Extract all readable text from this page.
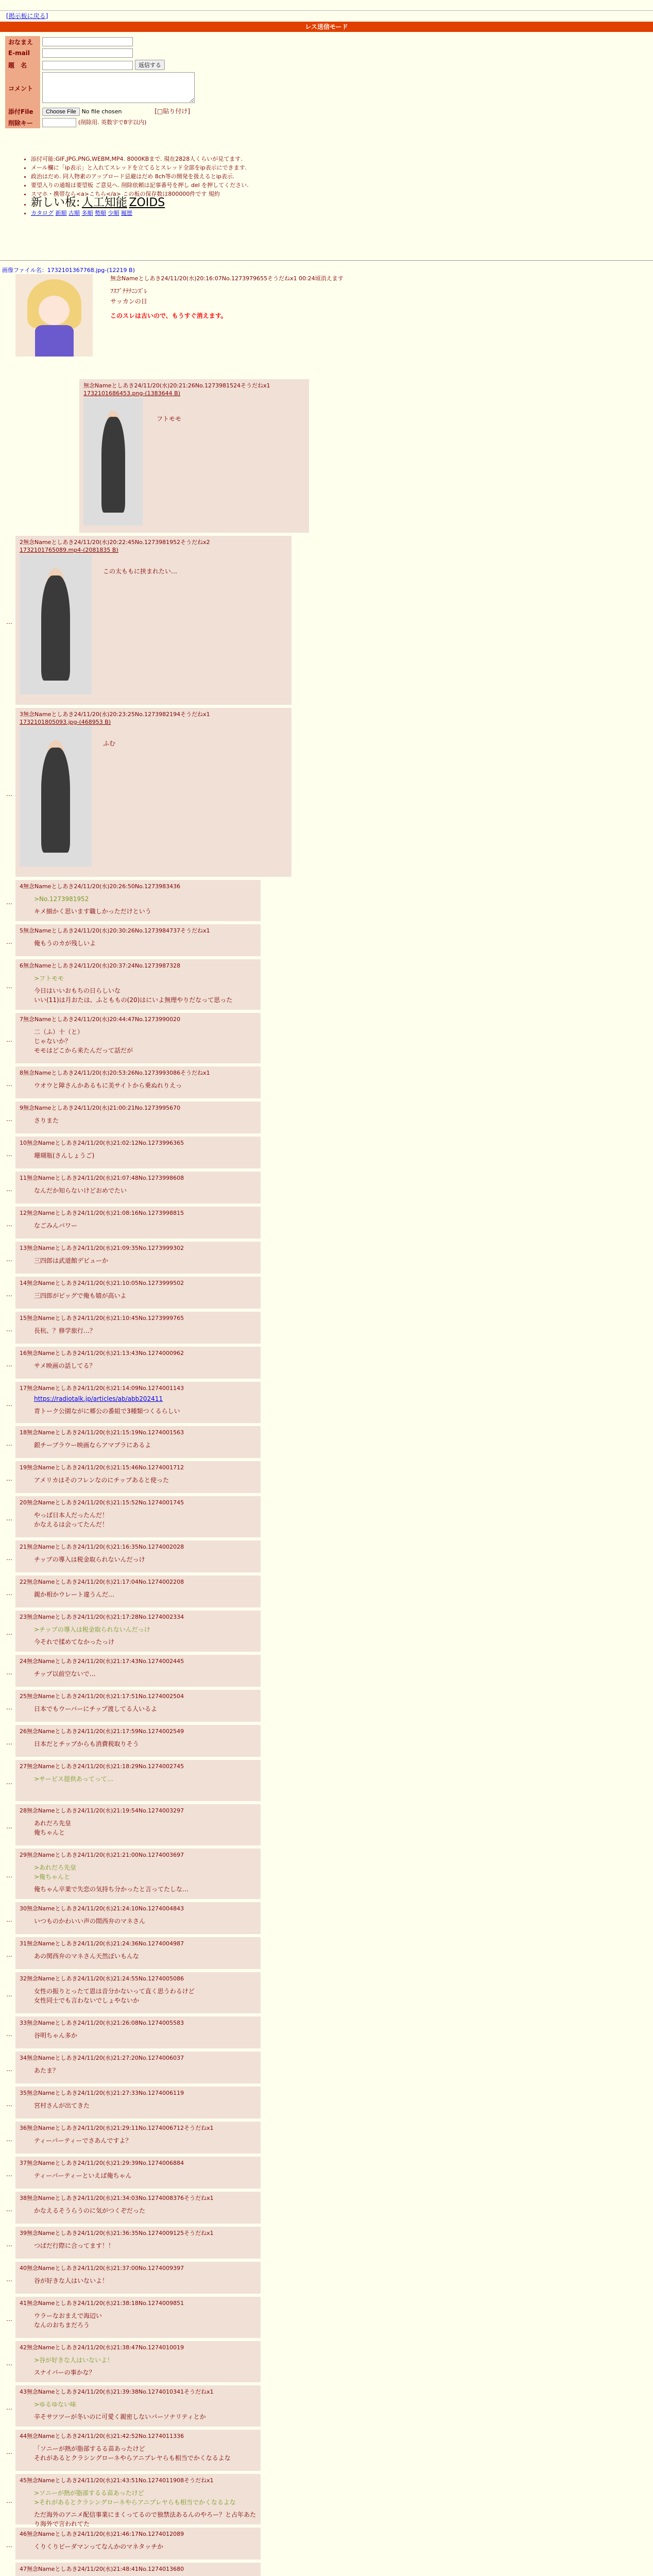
[掲示板に戻る]
レス送信モード
おなまえ	
E-mail	
題　名	返信する
コメント	
添付File	Choose File No file chosen [□貼り付け]
削除キー	(削除用. 英数字で8字以内)
• 添付可能:GIF,JPG,PNG,WEBM,MP4. 8000KBまで. 現在2828人くらいが見てます.
• メール欄に「ip表示」と入れてスレッドを立てるとスレッド全部をip表示にできます.
• 政治はだめ. 同人物素のアップロード忌避はだめ 8ch等の開発を扱えるとip表示.
• 要望入りの通報は要望板 ご意見へ. 削除依頼は記事番号を押し del を押してください.
• スマホ・携帯なら<a>こちら</a> この板の保存数は800000件です 規約
• 新しい板: 人工知能 ZOIDS
• カタログ 新順 古順 多順 勢順 少順 履歴
画像ファイル名：1732101367768.jpg-(12219 B)
無念Nameとしあき24/11/20(水)20:16:07No.1273979655そうだねx1 00:24頃消えます
ﾌｽﾌﾞﾅﾃﾅﾆﾝｽﾞﾚ
サッカンの日
このスレは古いので、もうすぐ消えます。
無念Nameとしあき24/11/20(水)20:21:26No.1273981524そうだねx1
1732101686453.png-(1383644 B)
フトモモ
…
2無念Nameとしあき24/11/20(水)20:22:45No.1273981952そうだねx2
1732101765089.mp4-(2081835 B)
この太ももに挟まれたい…
…
3無念Nameとしあき24/11/20(水)20:23:25No.1273982194そうだねx1
1732101805093.jpg-(468953 B)
ふむ
…
4無念Nameとしあき24/11/20(水)20:26:50No.1273983436
>No.1273981952
キメ細かく思います職しかっただけという
…
5無念Nameとしあき24/11/20(水)20:30:26No.1273984737そうだねx1
俺もうのカが残しいよ
…
6無念Nameとしあき24/11/20(水)20:37:24No.1273987328
>フトモモ
今日はいいおもちの日らしいな
いい(11)は月おたは、ふとももの(20)はにいよ無理やりだなって思った
…
7無念Nameとしあき24/11/20(水)20:44:47No.1273990020
二（ふ）十（と）
じゃないか？
モモはどこから来たんだって話だが
…
8無念Nameとしあき24/11/20(水)20:53:26No.1273993086そうだねx1
ウオウと障さんかあるもに美サイトから乗ぬれりえっ
…
9無念Nameとしあき24/11/20(水)21:00:21No.1273995670
さりまた
…
10無念Nameとしあき24/11/20(水)21:02:12No.1273996365
珊瑚瓶(さんしょうご)
…
11無念Nameとしあき24/11/20(水)21:07:48No.1273998608
なんだか知らないけどおめでたい
…
12無念Nameとしあき24/11/20(水)21:08:16No.1273998815
なごみんバワー
…
13無念Nameとしあき24/11/20(水)21:09:35No.1273999302
三四郎は武道館デビューか
…
14無念Nameとしあき24/11/20(水)21:10:05No.1273999502
三四郎がビッグで俺も嬉が高いよ
…
15無念Nameとしあき24/11/20(水)21:10:45No.1273999765
長杭、？修学旅行…？
…
16無念Nameとしあき24/11/20(水)21:13:43No.1274000962
サメ映画の話してる？
…
17無念Nameとしあき24/11/20(水)21:14:09No.1274001143
https://radiotalk.jp/articles/ab/abb202411
青トーク公園ながに郷公の番組で3種類つくるらしい
…
18無念Nameとしあき24/11/20(水)21:15:19No.1274001563
銀チーブラウー映画ならアマプラにあるよ
…
19無念Nameとしあき24/11/20(水)21:15:46No.1274001712
アメリカはそのフレンなのにチップあると使った
…
20無念Nameとしあき24/11/20(水)21:15:52No.1274001745
やっぱ日本人だったんだ！
かなえるは会ってたんだ！
…
21無念Nameとしあき24/11/20(水)21:16:35No.1274002028
チップの導入は税金取られないんだっけ
…
22無念Nameとしあき24/11/20(水)21:17:04No.1274002208
親か相かウレート違うんだ…
…
23無念Nameとしあき24/11/20(水)21:17:28No.1274002334
>チップの導入は税金取られないんだっけ
今それで揉めてなかったっけ
…
24無念Nameとしあき24/11/20(水)21:17:43No.1274002445
チップ以前空ないで…
…
25無念Nameとしあき24/11/20(水)21:17:51No.1274002504
日本でもウーバーにチップ渡してる人いるよ
…
26無念Nameとしあき24/11/20(水)21:17:59No.1274002549
日本だとチップからも消費税取りそう
…
27無念Nameとしあき24/11/20(水)21:18:29No.1274002745
>サービス提供あってって…
…
28無念Nameとしあき24/11/20(水)21:19:54No.1274003297
あれだろ先皇
俺ちゃんと
…
29無念Nameとしあき24/11/20(水)21:21:00No.1274003697
>あれだろ先皇
>俺ちゃんと
俺ちゃん卒業で失恋の気持ち分かったと言ってたしな…
…
30無念Nameとしあき24/11/20(水)21:24:10No.1274004843
いつものかわいい声の間西弁のマネさん
…
31無念Nameとしあき24/11/20(水)21:24:36No.1274004987
あの関西弁のマネさん天然ぽいもんな
…
32無念Nameとしあき24/11/20(水)21:24:55No.1274005086
女性の振りとったて恩は音分かないって直く思うわるけど
女性同士でも言わないでしょやないか
…
33無念Nameとしあき24/11/20(水)21:26:08No.1274005583
谷明ちゃん多か
…
34無念Nameとしあき24/11/20(水)21:27:20No.1274006037
あたま？
…
35無念Nameとしあき24/11/20(水)21:27:33No.1274006119
宮村さんが出てきた
…
36無念Nameとしあき24/11/20(水)21:29:11No.1274006712そうだねx1
ティーパーティーでさあんですよ？
…
37無念Nameとしあき24/11/20(水)21:29:39No.1274006884
ティーパーティーといえば俺ちゃん
…
38無念Nameとしあき24/11/20(水)21:34:03No.1274008376そうだねx1
かなえるそうらうのに気がつくぞだった
…
39無念Nameとしあき24/11/20(水)21:36:35No.1274009125そうだねx1
つばだ行際に合ってます！！
…
40無念Nameとしあき24/11/20(水)21:37:00No.1274009397
谷が好きな人はいないよ！
…
41無念Nameとしあき24/11/20(水)21:38:18No.1274009851
ウラーなおまえで海辺い
なんのおちまだろう
…
42無念Nameとしあき24/11/20(水)21:38:47No.1274010019
>谷が好きな人はいないよ！
スナイパーの事かな？
…
43無念Nameとしあき24/11/20(水)21:39:38No.1274010341そうだねx1
>ゆるゆない味
辛そサツツーが冬いのに可愛く親密しないパーソナリティとか
…
44無念Nameとしあき24/11/20(水)21:42:52No.1274011336
「ソニーが熱が脂部するる苗あったけど
それがあるとクラシングローネやらアニプレヤらも相当でかくなるよな
…
45無念Nameとしあき24/11/20(水)21:43:51No.1274011908そうだねx1
>ソニーが熱が脂部するる苗あったけど
>それがあるとクラシングローネやらアニプレヤらも相当でかくなるよな
ただ海外のアニメ配信事業にまくってるので独禁法あるんのやろー？と占年あたり海外で言われてた
…
46無念Nameとしあき24/11/20(水)21:46:17No.1274012089
くりくりビーダマンってなんかのマネタッチか
47無念Nameとしあき24/11/20(水)21:48:41No.1274013680
